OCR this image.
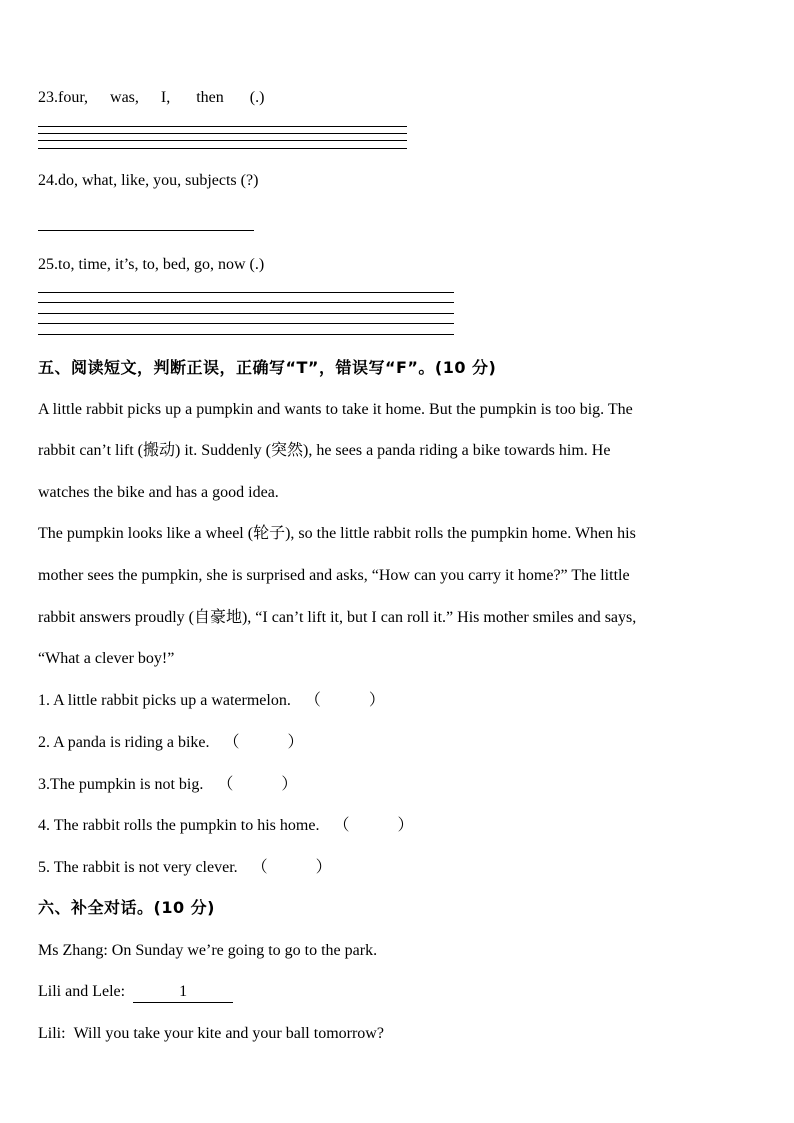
23.four, was, I, then (.)
24.do, what, like, you, subjects (?)
25.to, time, it’s, to, bed, go, now (.)
五、阅读短文，判断正误，正确写“T”，错误写“F”。(10 分)
A little rabbit picks up a pumpkin and wants to take it home. But the pumpkin is too big. The
rabbit can’t lift (搬动) it. Suddenly (突然), he sees a panda riding a bike towards him. He
watches the bike and has a good idea.
The pumpkin looks like a wheel (轮子), so the little rabbit rolls the pumpkin home. When his
mother sees the pumpkin, she is surprised and asks, “How can you carry it home?” The little
rabbit answers proudly (自豪地), “I can’t lift it, but I can roll it.” His mother smiles and says,
“What a clever boy!”
1. A little rabbit picks up a watermelon. （　　　）
2. A panda is riding a bike. （　　　）
3.The pumpkin is not big. （　　　）
4. The rabbit rolls the pumpkin to his home. （　　　）
5. The rabbit is not very clever. （　　　）
六、补全对话。(10 分)
Ms Zhang: On Sunday we’re going to go to the park.
Lili and Lele:	1
Lili: Will you take your kite and your ball tomorrow?
